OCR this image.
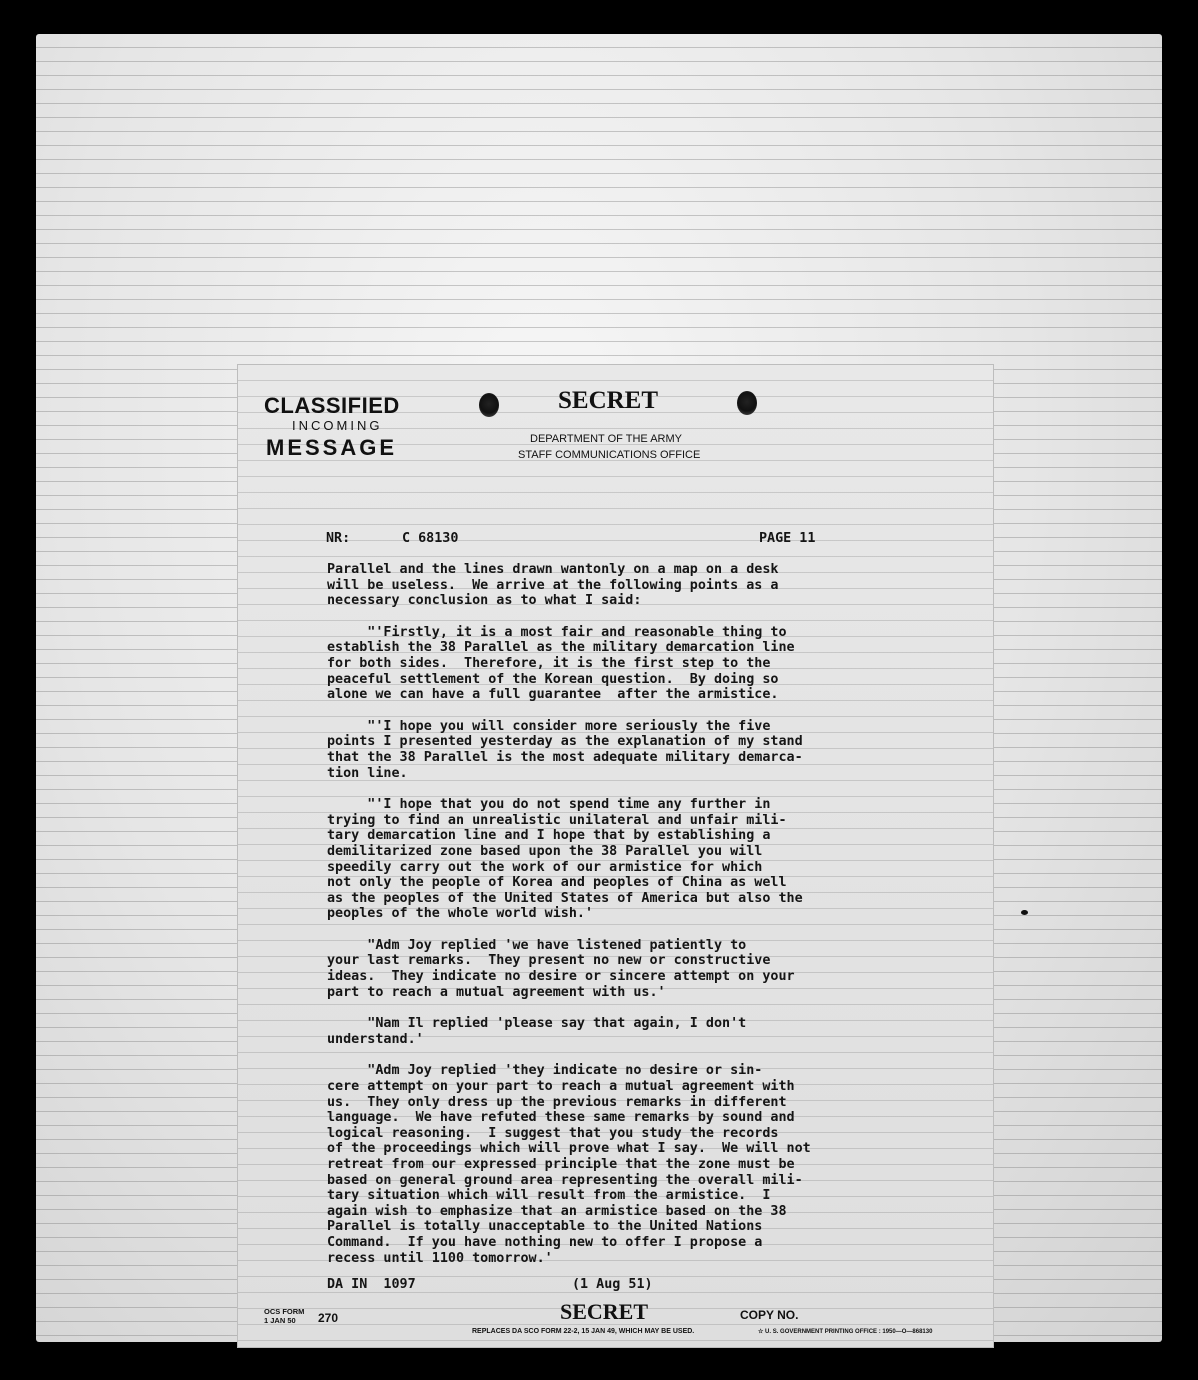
CLASSIFIED
INCOMING
MESSAGE
SECRET
DEPARTMENT OF THE ARMY
STAFF COMMUNICATIONS OFFICE
NR:	C 68130	PAGE 11
Parallel and the lines drawn wantonly on a map on a desk
will be useless.  We arrive at the following points as a
necessary conclusion as to what I said:
"'Firstly, it is a most fair and reasonable thing to
establish the 38 Parallel as the military demarcation line
for both sides.  Therefore, it is the first step to the
peaceful settlement of the Korean question.  By doing so
alone we can have a full guarantee  after the armistice.
"'I hope you will consider more seriously the five
points I presented yesterday as the explanation of my stand
that the 38 Parallel is the most adequate military demarca-
tion line.
"'I hope that you do not spend time any further in
trying to find an unrealistic unilateral and unfair mili-
tary demarcation line and I hope that by establishing a
demilitarized zone based upon the 38 Parallel you will
speedily carry out the work of our armistice for which
not only the people of Korea and peoples of China as well
as the peoples of the United States of America but also the
peoples of the whole world wish.'
"Adm Joy replied 'we have listened patiently to
your last remarks.  They present no new or constructive
ideas.  They indicate no desire or sincere attempt on your
part to reach a mutual agreement with us.'
"Nam Il replied 'please say that again, I don't
understand.'
"Adm Joy replied 'they indicate no desire or sin-
cere attempt on your part to reach a mutual agreement with
us.  They only dress up the previous remarks in different
language.  We have refuted these same remarks by sound and
logical reasoning.  I suggest that you study the records
of the proceedings which will prove what I say.  We will not
retreat from our expressed principle that the zone must be
based on general ground area representing the overall mili-
tary situation which will result from the armistice.  I
again wish to emphasize that an armistice based on the 38
Parallel is totally unacceptable to the United Nations
Command.  If you have nothing new to offer I propose a
recess until 1100 tomorrow.'
DA IN  1097	(1 Aug 51)
SECRET	COPY NO.
OCS FORM
1 JAN 50	270
REPLACES DA SCO FORM 22-2, 15 JAN 49, WHICH MAY BE USED.	☆ U. S. GOVERNMENT PRINTING OFFICE : 1950—O—868130
